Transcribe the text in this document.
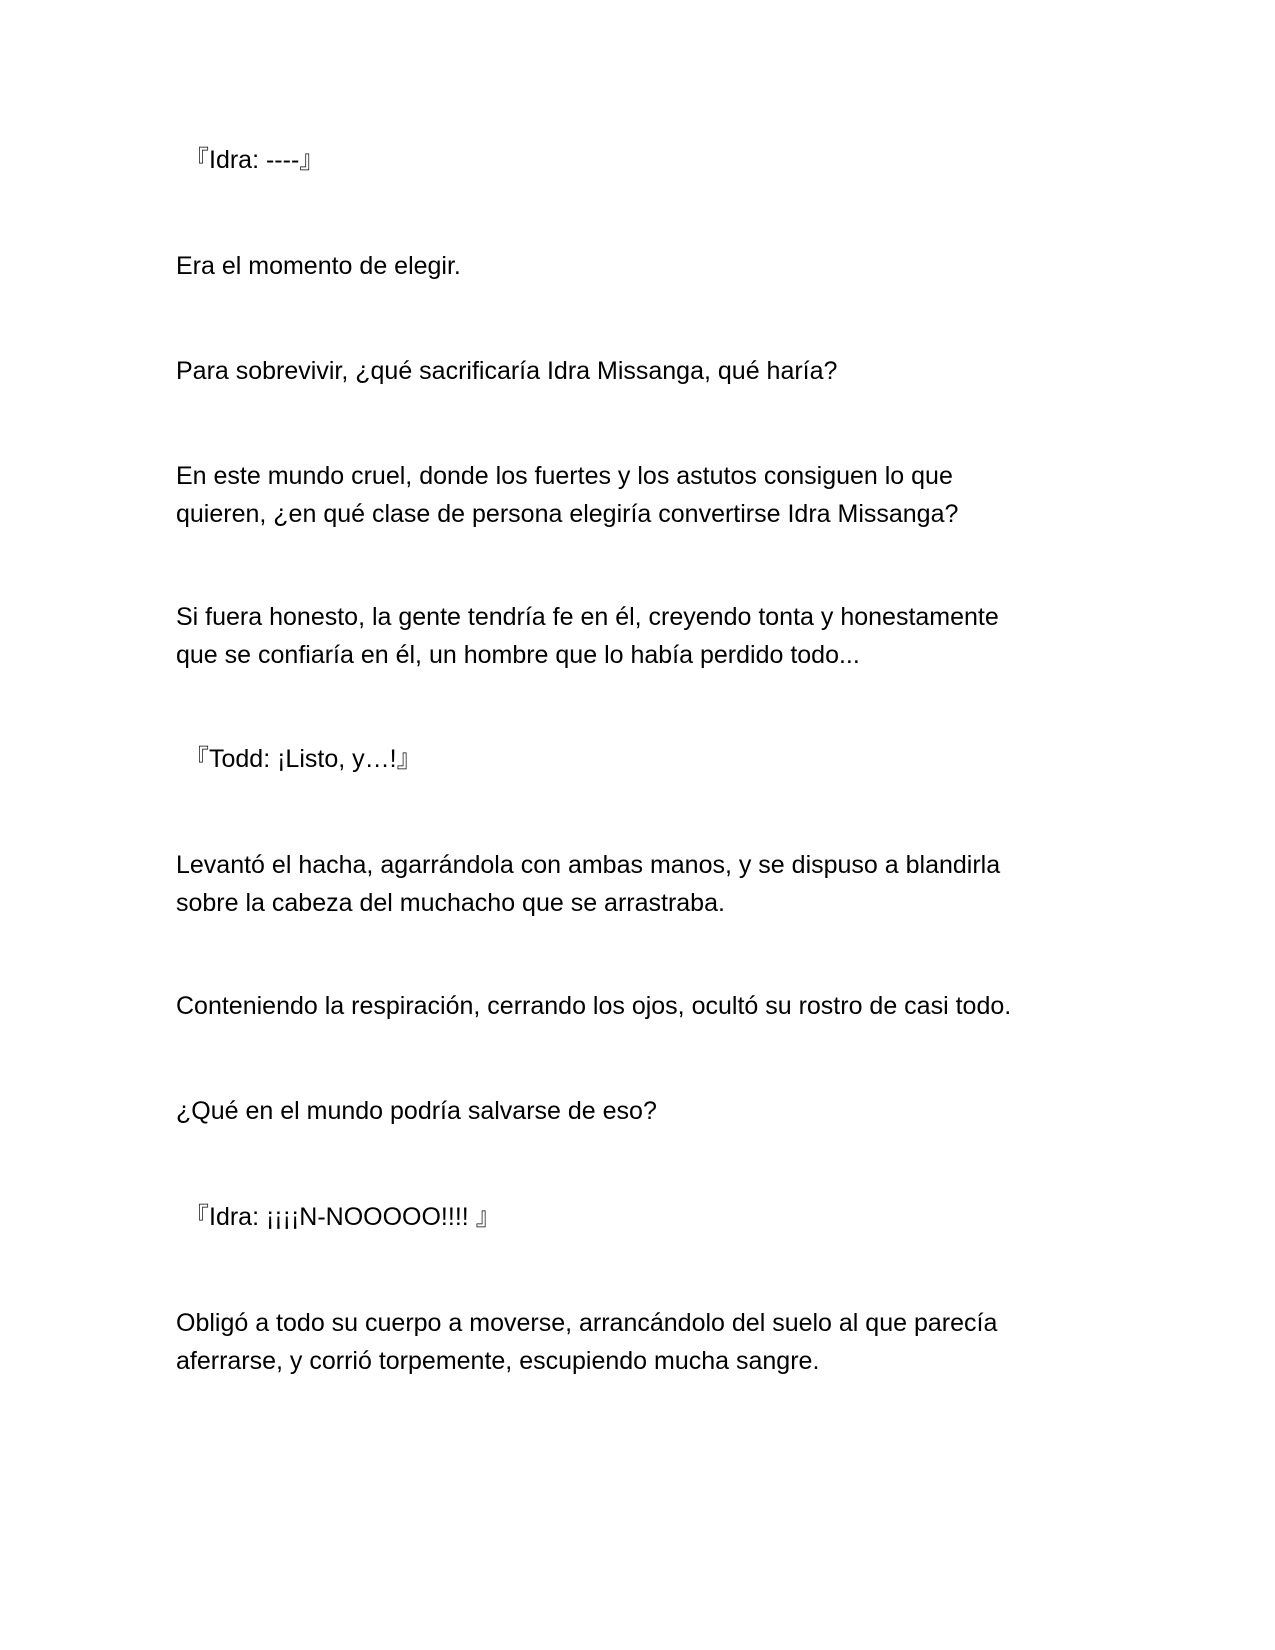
『Idra: ----』

Era el momento de elegir.

Para sobrevivir, ¿qué sacrificaría Idra Missanga, qué haría?

En este mundo cruel, donde los fuertes y los astutos consiguen lo que
quieren, ¿en qué clase de persona elegiría convertirse Idra Missanga?

Si fuera honesto, la gente tendría fe en él, creyendo tonta y honestamente
que se confiaría en él, un hombre que lo había perdido todo...

『Todd: ¡Listo, y…!』

Levantó el hacha, agarrándola con ambas manos, y se dispuso a blandirla
sobre la cabeza del muchacho que se arrastraba.

Conteniendo la respiración, cerrando los ojos, ocultó su rostro de casi todo.

¿Qué en el mundo podría salvarse de eso?

『Idra: ¡¡¡¡N-NOOOOO!!!! 』

Obligó a todo su cuerpo a moverse, arrancándolo del suelo al que parecía
aferrarse, y corrió torpemente, escupiendo mucha sangre.
